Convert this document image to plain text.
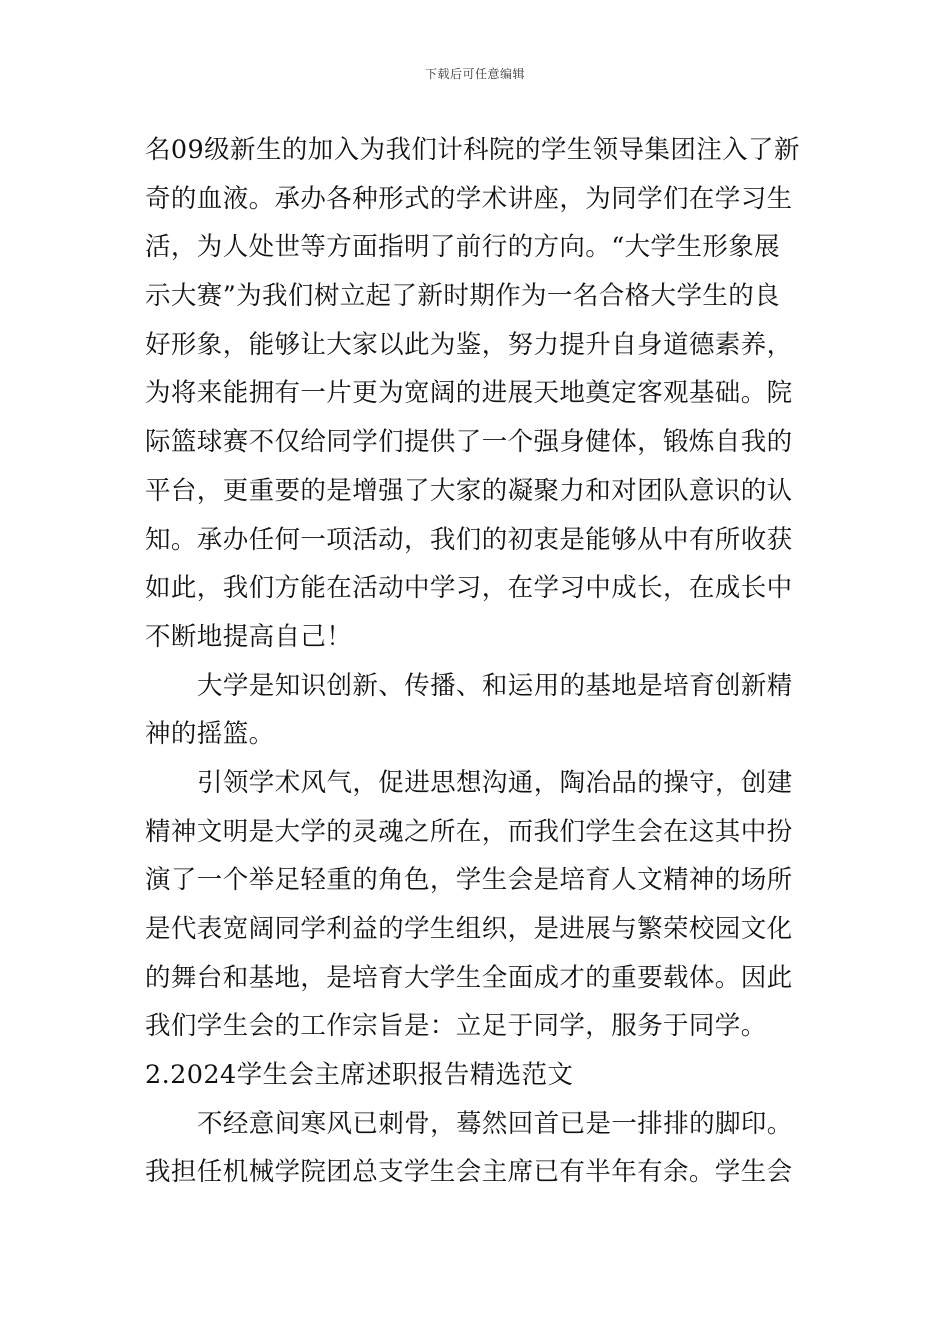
下载后可任意编辑
名09级新生的加入为我们计科院的学生领导集团注入了新
奇的血液。承办各种形式的学术讲座，为同学们在学习生
活，为人处世等方面指明了前行的方向。“大学生形象展
示大赛”为我们树立起了新时期作为一名合格大学生的良
好形象，能够让大家以此为鉴，努力提升自身道德素养，
为将来能拥有一片更为宽阔的进展天地奠定客观基础。院
际篮球赛不仅给同学们提供了一个强身健体，锻炼自我的
平台，更重要的是增强了大家的凝聚力和对团队意识的认
知。承办任何一项活动，我们的初衷是能够从中有所收获
如此，我们方能在活动中学习，在学习中成长，在成长中
不断地提高自己！
大学是知识创新、传播、和运用的基地是培育创新精
神的摇篮。
引领学术风气，促进思想沟通，陶冶品的操守，创建
精神文明是大学的灵魂之所在，而我们学生会在这其中扮
演了一个举足轻重的角色，学生会是培育人文精神的场所
是代表宽阔同学利益的学生组织，是进展与繁荣校园文化
的舞台和基地，是培育大学生全面成才的重要载体。因此
我们学生会的工作宗旨是：立足于同学，服务于同学。
2.2024学生会主席述职报告精选范文
不经意间寒风已刺骨，蓦然回首已是一排排的脚印。
我担任机械学院团总支学生会主席已有半年有余。学生会
